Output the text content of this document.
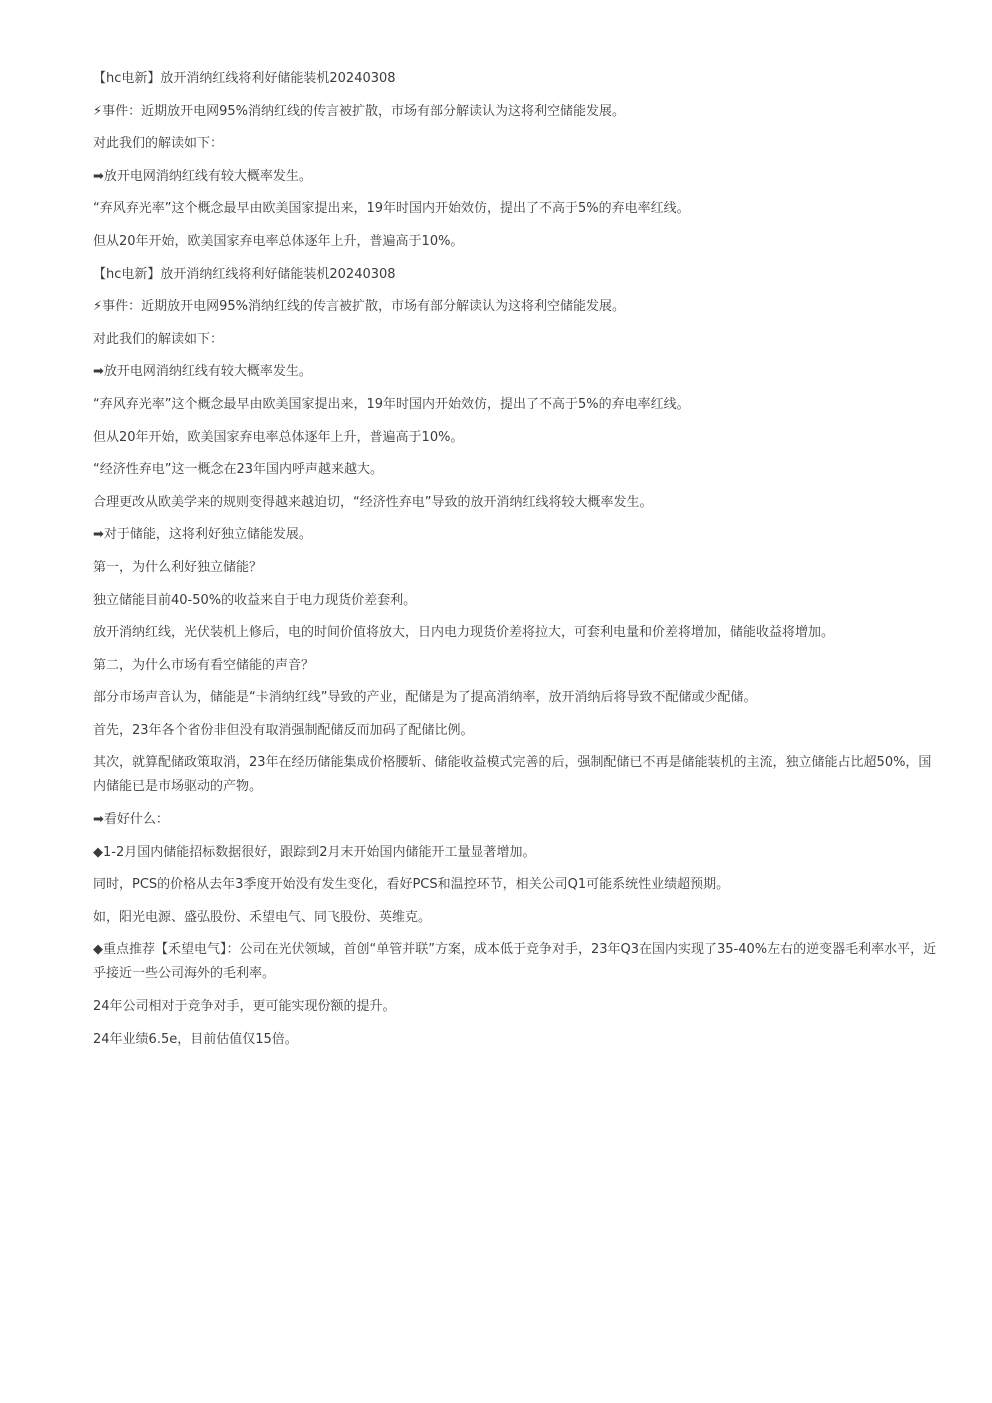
【hc电新】放开消纳红线将利好储能装机20240308

⚡事件：近期放开电网95%消纳红线的传言被扩散，市场有部分解读认为这将利空储能发展。

对此我们的解读如下：

➡放开电网消纳红线有较大概率发生。

“弃风弃光率”这个概念最早由欧美国家提出来，19年时国内开始效仿，提出了不高于5%的弃电率红线。

但从20年开始，欧美国家弃电率总体逐年上升，普遍高于10%。

【hc电新】放开消纳红线将利好储能装机20240308

⚡事件：近期放开电网95%消纳红线的传言被扩散，市场有部分解读认为这将利空储能发展。

对此我们的解读如下：

➡放开电网消纳红线有较大概率发生。

“弃风弃光率”这个概念最早由欧美国家提出来，19年时国内开始效仿，提出了不高于5%的弃电率红线。

但从20年开始，欧美国家弃电率总体逐年上升，普遍高于10%。

“经济性弃电”这一概念在23年国内呼声越来越大。

合理更改从欧美学来的规则变得越来越迫切，“经济性弃电”导致的放开消纳红线将较大概率发生。

➡对于储能，这将利好独立储能发展。

第一，为什么利好独立储能？

独立储能目前40-50%的收益来自于电力现货价差套利。

放开消纳红线，光伏装机上修后，电的时间价值将放大，日内电力现货价差将拉大，可套利电量和价差将增加，储能收益将增加。

第二，为什么市场有看空储能的声音？

部分市场声音认为，储能是“卡消纳红线”导致的产业，配储是为了提高消纳率，放开消纳后将导致不配储或少配储。

首先，23年各个省份非但没有取消强制配储反而加码了配储比例。

其次，就算配储政策取消，23年在经历储能集成价格腰斩、储能收益模式完善的后，强制配储已不再是储能装机的主流，独立储能占比超50%，国内储能已是市场驱动的产物。

➡看好什么：

◆1-2月国内储能招标数据很好，跟踪到2月末开始国内储能开工量显著增加。

同时，PCS的价格从去年3季度开始没有发生变化，看好PCS和温控环节，相关公司Q1可能系统性业绩超预期。

如，阳光电源、盛弘股份、禾望电气、同飞股份、英维克。

◆重点推荐【禾望电气】：公司在光伏领域，首创“单管并联”方案，成本低于竞争对手，23年Q3在国内实现了35-40%左右的逆变器毛利率水平，近乎接近一些公司海外的毛利率。

24年公司相对于竞争对手，更可能实现份额的提升。

24年业绩6.5e，目前估值仅15倍。
